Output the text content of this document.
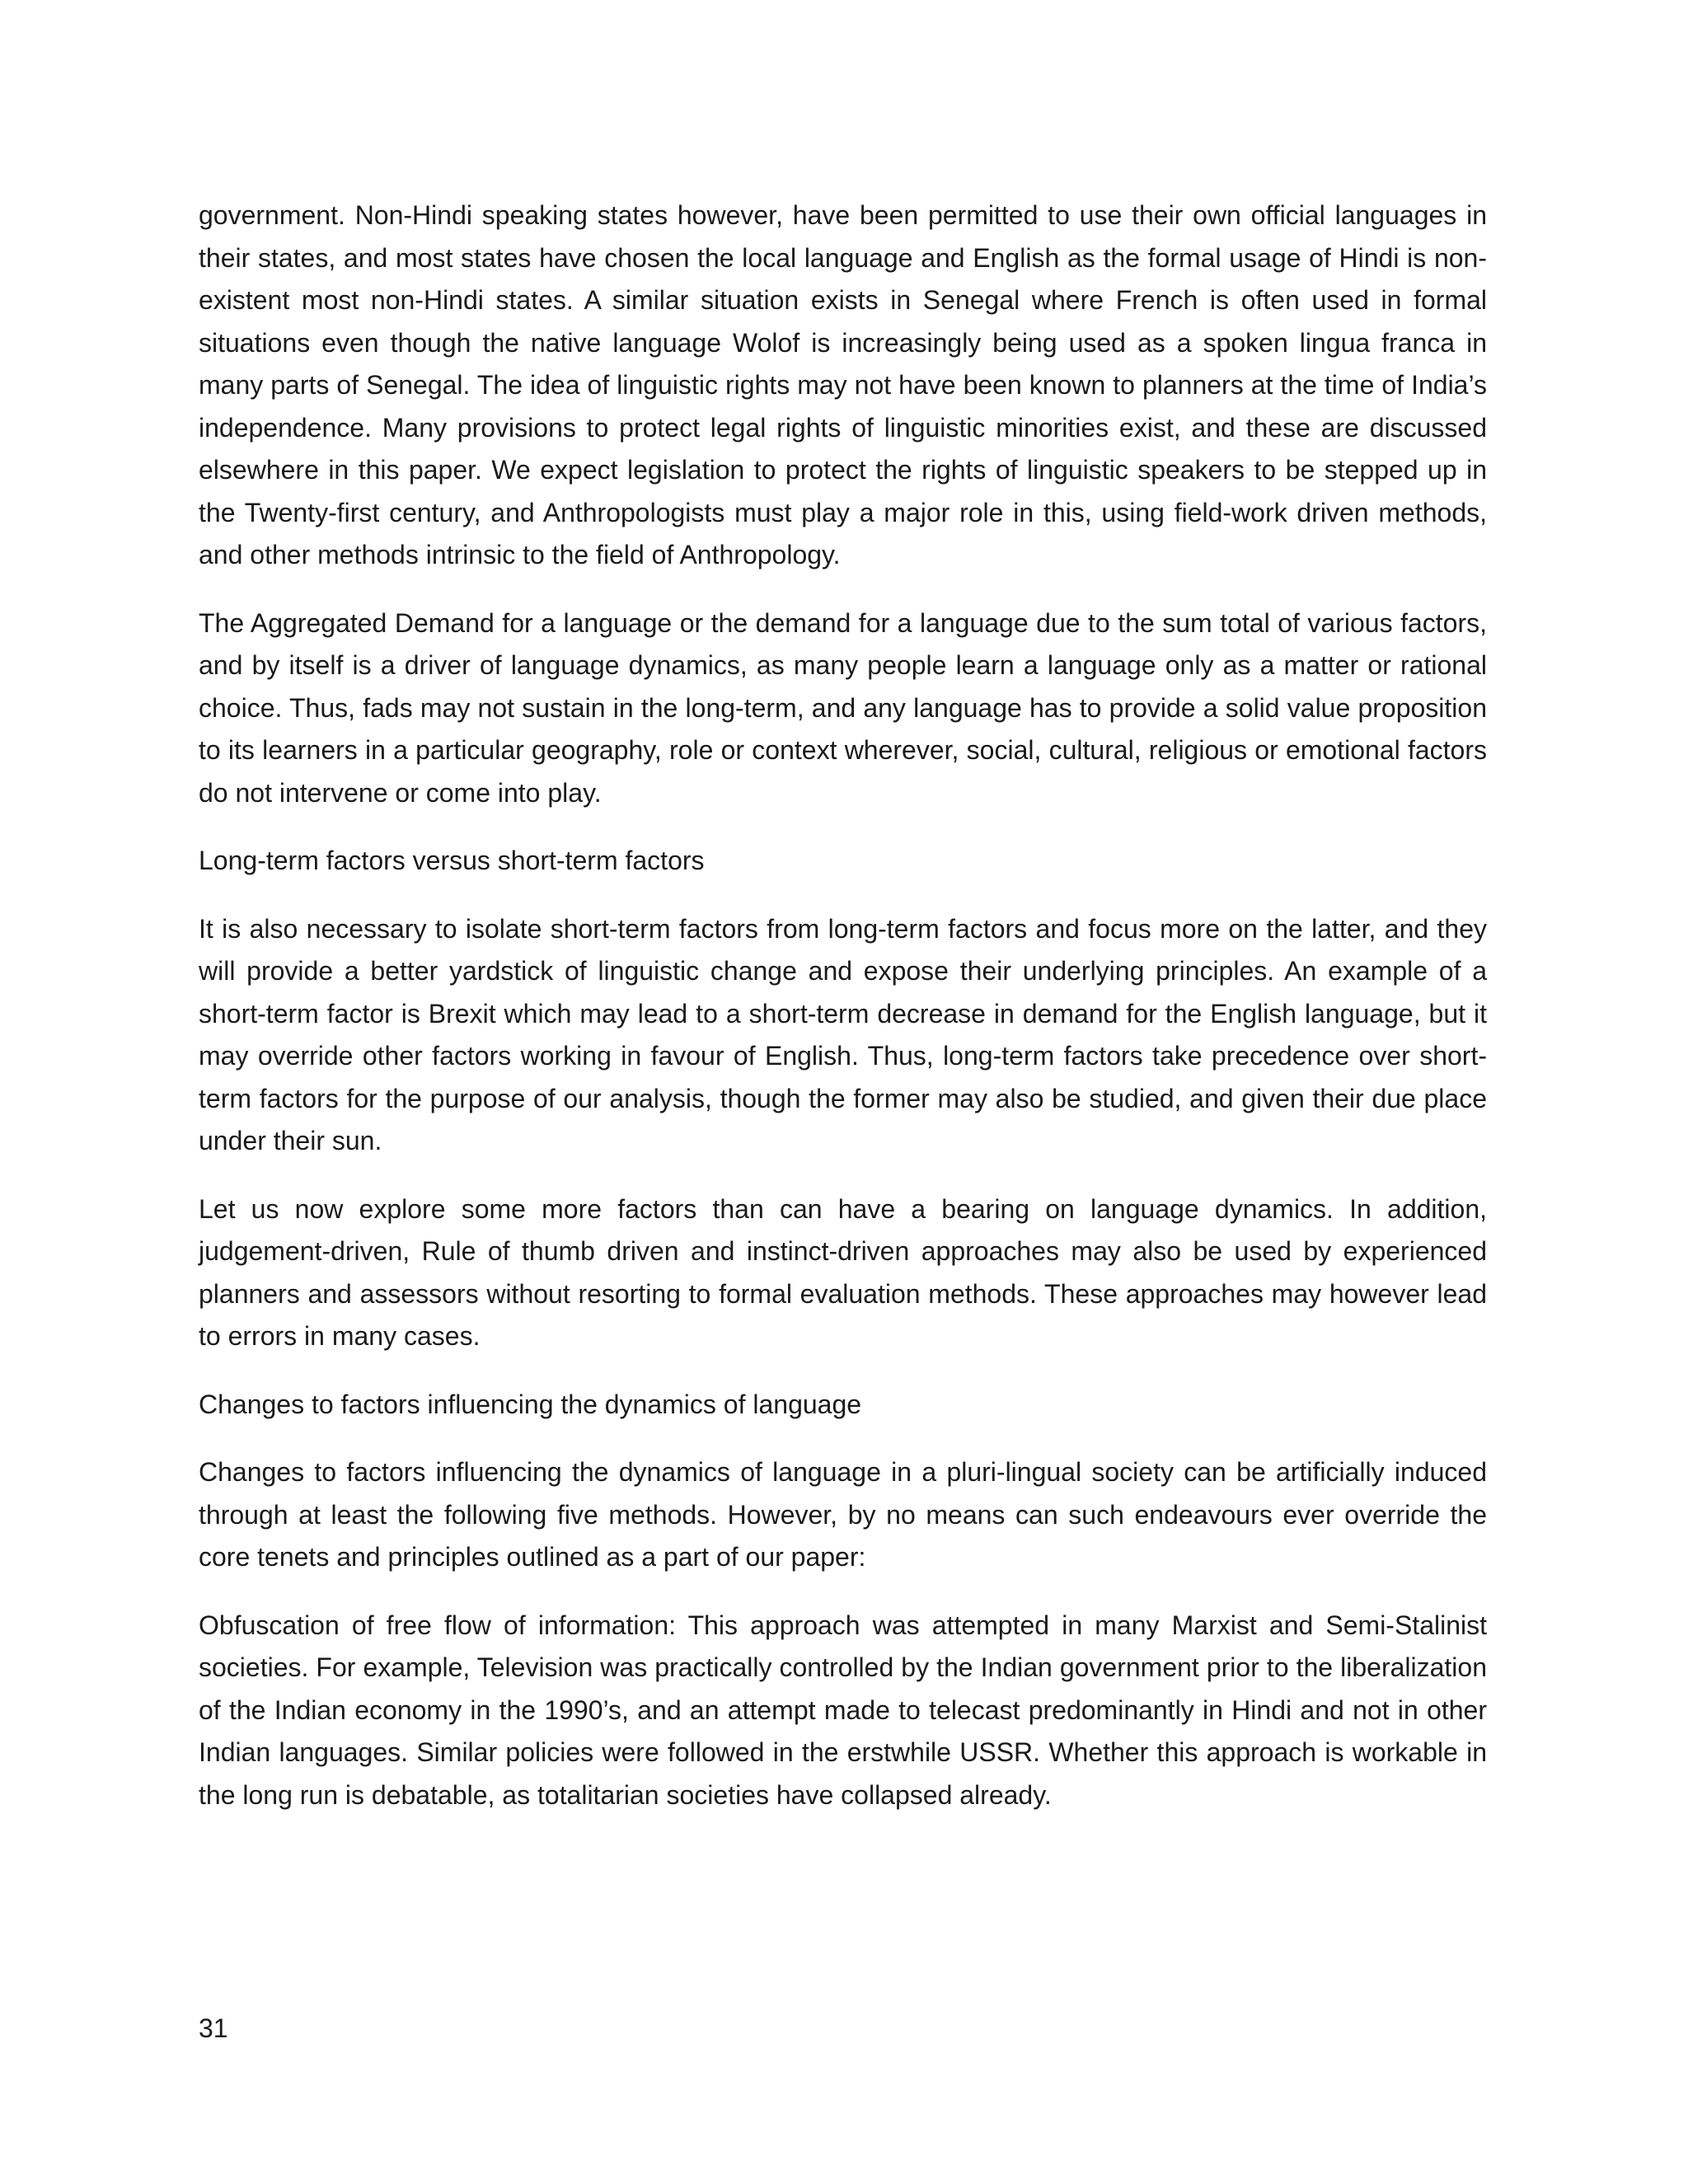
government. Non-Hindi speaking states however, have been permitted to use their own official languages in their states, and most states have chosen the local language and English as the formal usage of Hindi is non-existent most non-Hindi states. A similar situation exists in Senegal where French is often used in formal situations even though the native language Wolof is increasingly being used as a spoken lingua franca in many parts of Senegal. The idea of linguistic rights may not have been known to planners at the time of India’s independence. Many provisions to protect legal rights of linguistic minorities exist, and these are discussed elsewhere in this paper. We expect legislation to protect the rights of linguistic speakers to be stepped up in the Twenty-first century, and Anthropologists must play a major role in this, using field-work driven methods, and other methods intrinsic to the field of Anthropology.

The Aggregated Demand for a language or the demand for a language due to the sum total of various factors, and by itself is a driver of language dynamics, as many people learn a language only as a matter or rational choice. Thus, fads may not sustain in the long-term, and any language has to provide a solid value proposition to its learners in a particular geography, role or context wherever, social, cultural, religious or emotional factors do not intervene or come into play.

Long-term factors versus short-term factors

It is also necessary to isolate short-term factors from long-term factors and focus more on the latter, and they will provide a better yardstick of linguistic change and expose their underlying principles. An example of a short-term factor is Brexit which may lead to a short-term decrease in demand for the English language, but it may override other factors working in favour of English. Thus, long-term factors take precedence over short-term factors for the purpose of our analysis, though the former may also be studied, and given their due place under their sun.

Let us now explore some more factors than can have a bearing on language dynamics. In addition, judgement-driven, Rule of thumb driven and instinct-driven approaches may also be used by experienced planners and assessors without resorting to formal evaluation methods. These approaches may however lead to errors in many cases.

Changes to factors influencing the dynamics of language

Changes to factors influencing the dynamics of language in a pluri-lingual society can be artificially induced through at least the following five methods. However, by no means can such endeavours ever override the core tenets and principles outlined as a part of our paper:

Obfuscation of free flow of information: This approach was attempted in many Marxist and Semi-Stalinist societies. For example, Television was practically controlled by the Indian government prior to the liberalization of the Indian economy in the 1990’s, and an attempt made to telecast predominantly in Hindi and not in other Indian languages. Similar policies were followed in the erstwhile USSR. Whether this approach is workable in the long run is debatable, as totalitarian societies have collapsed already.

31
